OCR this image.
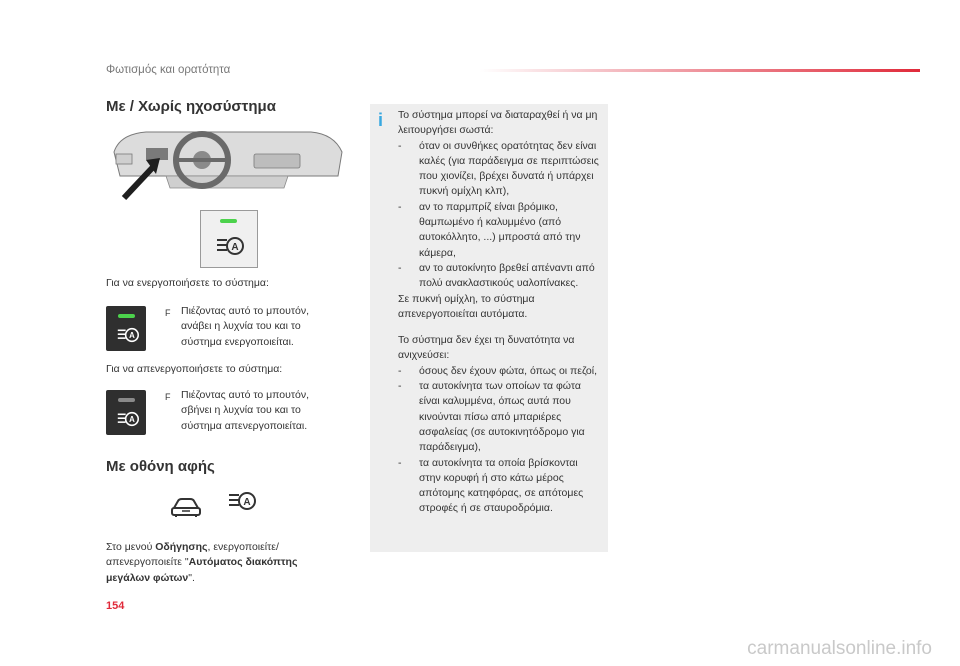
Φωτισμός και ορατότητα
Με / Χωρίς ηχοσύστημα
A
Για να ενεργοποιήσετε το σύστημα:
A
F Πιέζοντας αυτό το μπουτόν, ανάβει η λυχνία του και το σύστημα ενεργοποιείται.
Για να απενεργοποιήσετε το σύστημα:
A
F Πιέζοντας αυτό το μπουτόν, σβήνει η λυχνία του και το σύστημα απενεργοποιείται.
Με οθόνη αφής
A
Στο μενού Οδήγησης, ενεργοποιείτε/ απενεργοποιείτε "Αυτόματος διακόπτης μεγάλων φώτων".
i Το σύστημα μπορεί να διαταραχθεί ή να μη λειτουργήσει σωστά:
- όταν οι συνθήκες ορατότητας δεν είναι καλές (για παράδειγμα σε περιπτώσεις που χιονίζει, βρέχει δυνατά ή υπάρχει πυκνή ομίχλη κλπ),
- αν το παρμπρίζ είναι βρόμικο, θαμπωμένο ή καλυμμένο (από αυτοκόλλητο, ...) μπροστά από την κάμερα,
- αν το αυτοκίνητο βρεθεί απέναντι από πολύ ανακλαστικούς υαλοπίνακες.
Σε πυκνή ομίχλη, το σύστημα απενεργοποιείται αυτόματα.
Το σύστημα δεν έχει τη δυνατότητα να ανιχνεύσει:
- όσους δεν έχουν φώτα, όπως οι πεζοί,
- τα αυτοκίνητα των οποίων τα φώτα είναι καλυμμένα, όπως αυτά που κινούνται πίσω από μπαριέρες ασφαλείας (σε αυτοκινητόδρομο για παράδειγμα),
- τα αυτοκίνητα τα οποία βρίσκονται στην κορυφή ή στο κάτω μέρος απότομης κατηφόρας, σε απότομες στροφές ή σε σταυροδρόμια.
154
carmanualsonline.info
